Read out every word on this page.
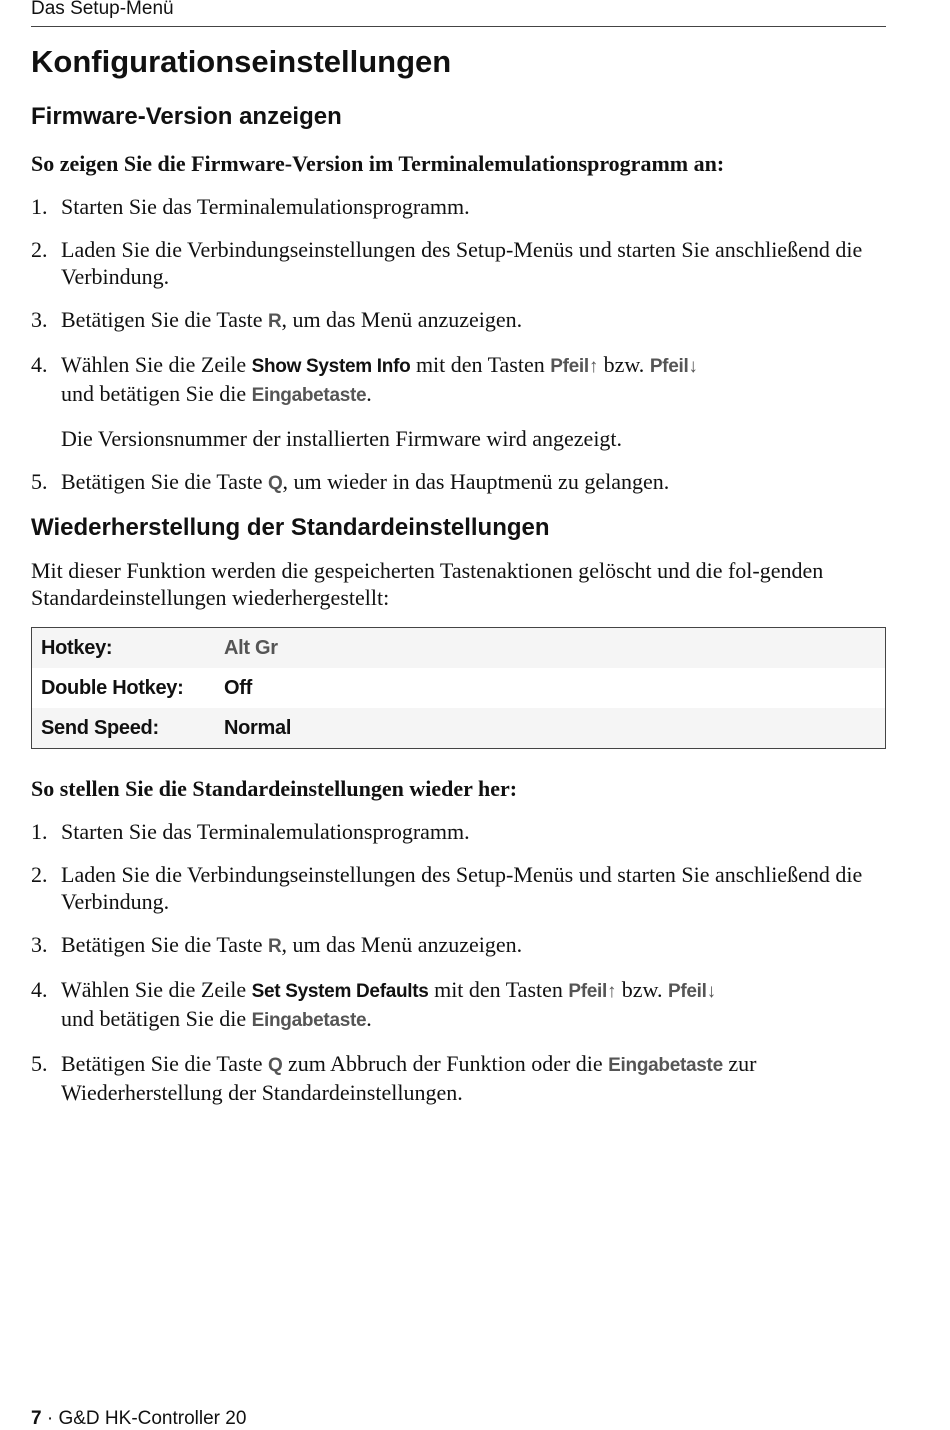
Das Setup-Menü
Konfigurationseinstellungen
Firmware-Version anzeigen
So zeigen Sie die Firmware-Version im Terminalemulationsprogramm an:
1. Starten Sie das Terminalemulationsprogramm.
2. Laden Sie die Verbindungseinstellungen des Setup-Menüs und starten Sie anschließend die Verbindung.
3. Betätigen Sie die Taste R, um das Menü anzuzeigen.
4. Wählen Sie die Zeile Show System Info mit den Tasten Pfeil↑ bzw. Pfeil↓
und betätigen Sie die Eingabetaste.
Die Versionsnummer der installierten Firmware wird angezeigt.
5. Betätigen Sie die Taste Q, um wieder in das Hauptmenü zu gelangen.
Wiederherstellung der Standardeinstellungen

Mit dieser Funktion werden die gespeicherten Tastenaktionen gelöscht und die fol-genden Standardeinstellungen wiederhergestellt:

Hotkey:	Alt Gr
Double Hotkey:	Off
Send Speed:	Normal
So stellen Sie die Standardeinstellungen wieder her:
1. Starten Sie das Terminalemulationsprogramm.
2. Laden Sie die Verbindungseinstellungen des Setup-Menüs und starten Sie anschließend die Verbindung.
3. Betätigen Sie die Taste R, um das Menü anzuzeigen.
4. Wählen Sie die Zeile Set System Defaults mit den Tasten Pfeil↑ bzw. Pfeil↓
und betätigen Sie die Eingabetaste.
5. Betätigen Sie die Taste Q zum Abbruch der Funktion oder die Eingabetaste zur Wiederherstellung der Standardeinstellungen.
7 · G&D HK-Controller 20
